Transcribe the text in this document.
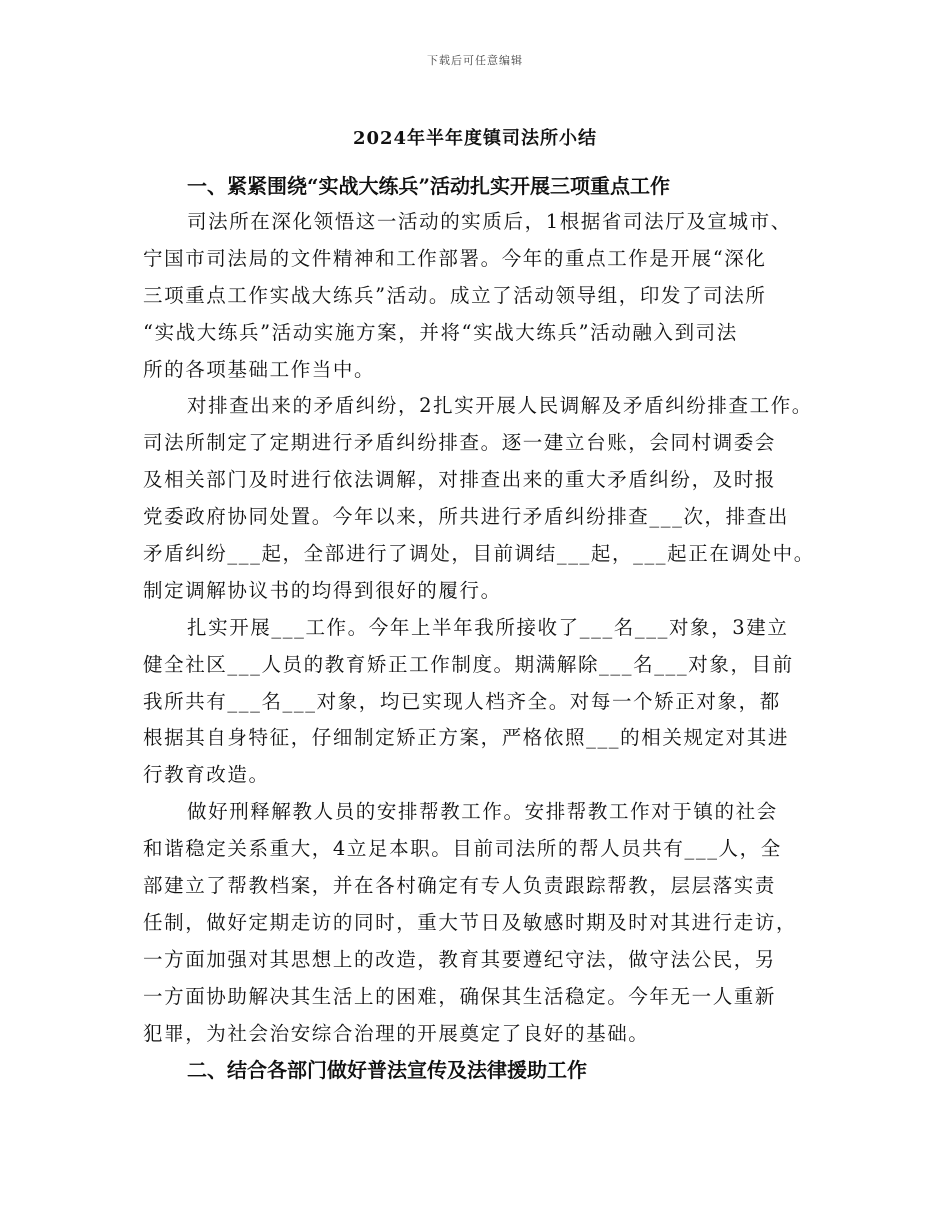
下载后可任意编辑
2024年半年度镇司法所小结
一、紧紧围绕“实战大练兵”活动扎实开展三项重点工作
司法所在深化领悟这一活动的实质后，1根据省司法厅及宣城市、
宁国市司法局的文件精神和工作部署。今年的重点工作是开展“深化
三项重点工作实战大练兵”活动。成立了活动领导组，印发了司法所
“实战大练兵”活动实施方案，并将“实战大练兵”活动融入到司法
所的各项基础工作当中。
对排查出来的矛盾纠纷，2扎实开展人民调解及矛盾纠纷排查工作。
司法所制定了定期进行矛盾纠纷排查。逐一建立台账，会同村调委会
及相关部门及时进行依法调解，对排查出来的重大矛盾纠纷，及时报
党委政府协同处置。今年以来，所共进行矛盾纠纷排查___次，排查出
矛盾纠纷___起，全部进行了调处，目前调结___起，___起正在调处中。
制定调解协议书的均得到很好的履行。
扎实开展___工作。今年上半年我所接收了___名___对象，3建立
健全社区___人员的教育矫正工作制度。期满解除___名___对象，目前
我所共有___名___对象，均已实现人档齐全。对每一个矫正对象，都
根据其自身特征，仔细制定矫正方案，严格依照___的相关规定对其进
行教育改造。
做好刑释解教人员的安排帮教工作。安排帮教工作对于镇的社会
和谐稳定关系重大，4立足本职。目前司法所的帮人员共有___人，全
部建立了帮教档案，并在各村确定有专人负责跟踪帮教，层层落实责
任制，做好定期走访的同时，重大节日及敏感时期及时对其进行走访，
一方面加强对其思想上的改造，教育其要遵纪守法，做守法公民，另
一方面协助解决其生活上的困难，确保其生活稳定。今年无一人重新
犯罪，为社会治安综合治理的开展奠定了良好的基础。
二、结合各部门做好普法宣传及法律援助工作
